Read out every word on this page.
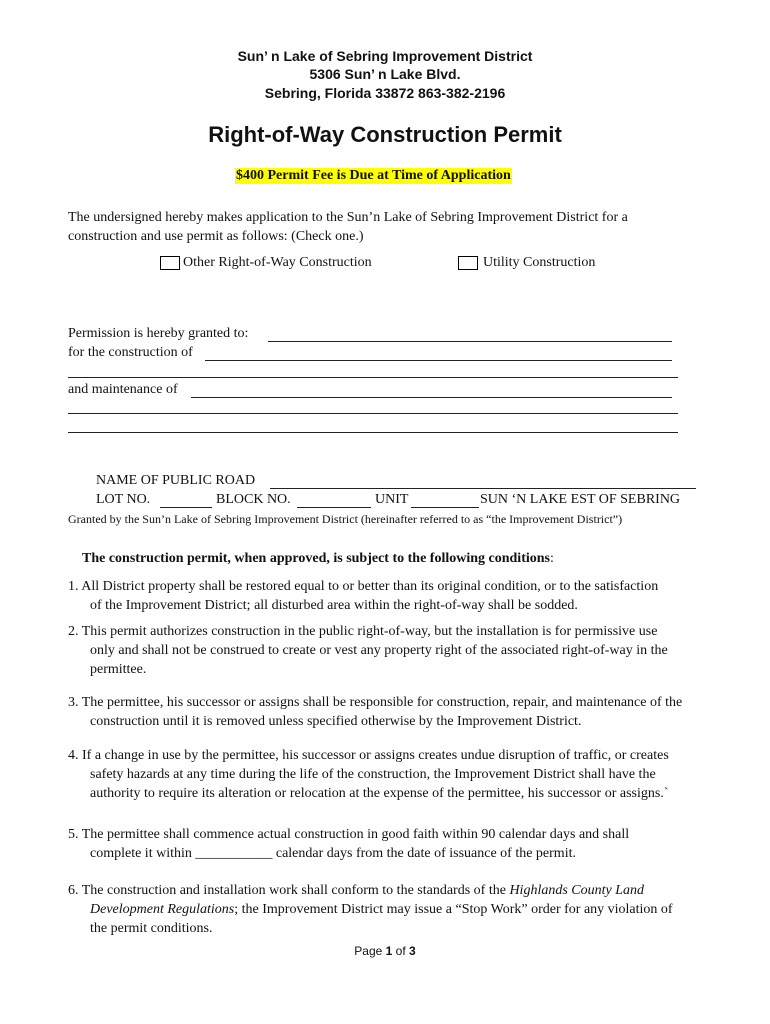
Sun’ n Lake of Sebring Improvement District
5306 Sun’ n Lake Blvd.
Sebring, Florida 33872 863-382-2196
Right-of-Way Construction Permit
$400 Permit Fee is Due at Time of Application
The undersigned hereby makes application to the Sun’n Lake of Sebring Improvement District for a
construction and use permit as follows: (Check one.)
Other Right-of-Way Construction	Utility Construction
Permission is hereby granted to:
for the construction of
and maintenance of
NAME OF PUBLIC ROAD
LOT NO.	BLOCK NO.	UNIT	SUN ‘N LAKE EST OF SEBRING
Granted by the Sun’n Lake of Sebring Improvement District (hereinafter referred to as “the Improvement District”)
The construction permit, when approved, is subject to the following conditions:
1. All District property shall be restored equal to or better than its original condition, or to the satisfaction
of the Improvement District; all disturbed area within the right-of-way shall be sodded.
2. This permit authorizes construction in the public right-of-way, but the installation is for permissive use
only and shall not be construed to create or vest any property right of the associated right-of-way in the
permittee.
3. The permittee, his successor or assigns shall be responsible for construction, repair, and maintenance of the
construction until it is removed unless specified otherwise by the Improvement District.
4. If a change in use by the permittee, his successor or assigns creates undue disruption of traffic, or creates
safety hazards at any time during the life of the construction, the Improvement District shall have the
authority to require its alteration or relocation at the expense of the permittee, his successor or assigns.`
5. The permittee shall commence actual construction in good faith within 90 calendar days and shall
complete it within ___________ calendar days from the date of issuance of the permit.
6. The construction and installation work shall conform to the standards of the Highlands County Land
Development Regulations; the Improvement District may issue a “Stop Work” order for any violation of
the permit conditions.
Page 1 of 3
